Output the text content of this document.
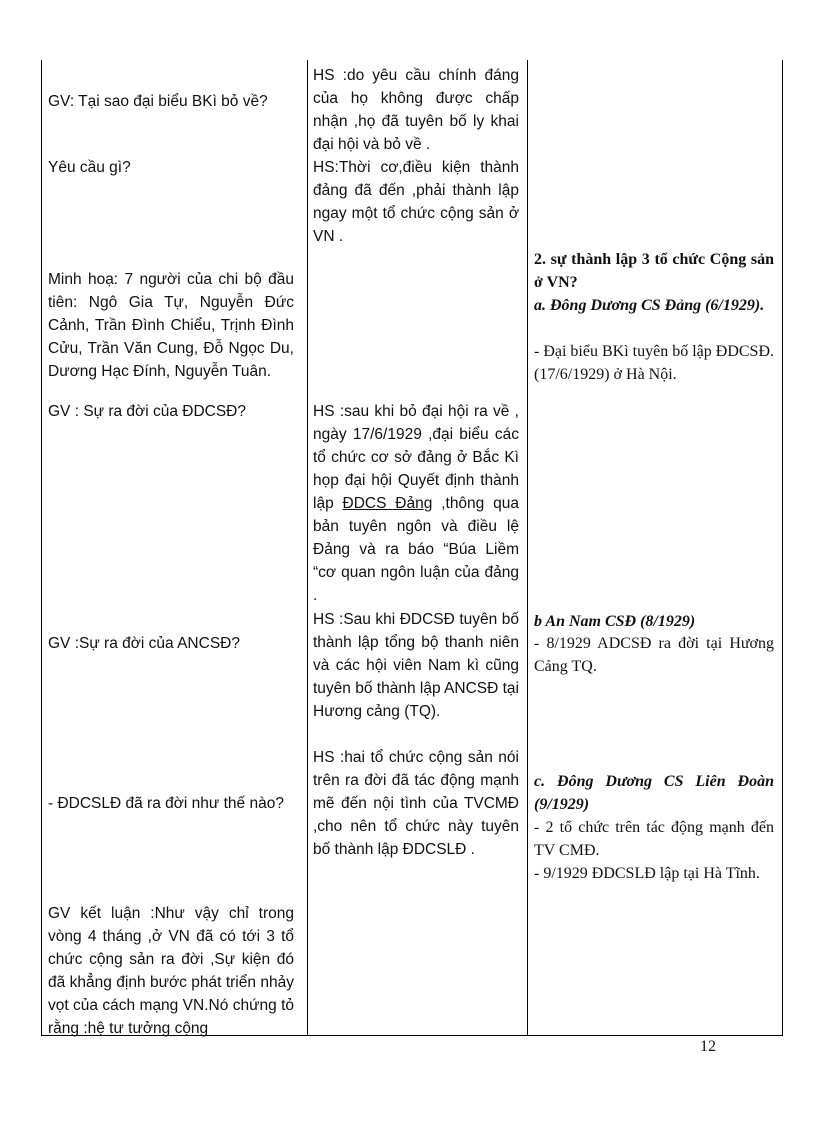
GV: Tại sao đại biểu BKì bỏ về?

Yêu cầu gì?

Minh hoạ: 7 người của chi bộ đầu tiên: Ngô Gia Tự, Nguyễn Đức Cảnh, Trần Đình Chiểu, Trịnh Đình Cửu, Trần Văn Cung, Đỗ Ngọc Du, Dương Hạc Đính, Nguyễn Tuân.

GV : Sự ra đời của ĐDCSĐ?

GV :Sự ra đời của ANCSĐ?

- ĐDCSLĐ đã ra đời như thế nào?

GV kết luận :Như vậy chỉ trong vòng 4 tháng ,ở VN đã có tới 3 tổ chức cộng sản ra đời ,Sự kiện đó đã khẳng định bước phát triển nhảy vọt của cách mạng VN.Nó chứng tỏ rằng :hệ tư tưởng cộng

HS :do yêu cầu chính đáng của họ không được chấp nhận ,họ đã tuyên bố ly khai đại hội và bỏ về .

HS:Thời cơ,điều kiện thành đảng đã đến ,phải thành lập ngay một tổ chức cộng sản ở VN .

HS :sau khi bỏ đại hội ra về , ngày 17/6/1929 ,đại biểu các tổ chức cơ sở đảng ở Bắc Kì họp đại hội Quyết định thành lập ĐDCS Đảng ,thông qua bản tuyên ngôn và điều lệ Đảng và ra báo “Búa Liềm “cơ quan ngôn luận của đảng .

HS :Sau khi ĐDCSĐ tuyên bố thành lập tổng bộ thanh niên và các hội viên Nam kì cũng tuyên bố thành lập ANCSĐ tại Hương cảng (TQ).

HS :hai tổ chức cộng sản nói trên ra đời đã tác động mạnh mẽ đến nội tình của TVCMĐ ,cho nên tổ chức này tuyên bố thành lập ĐDCSLĐ .

2. sự thành lập 3 tổ chức Cộng sản ở VN?

a. Đông Dương CS Đảng (6/1929).

- Đại biểu BKì tuyên bố lập ĐDCSĐ. (17/6/1929) ở Hà Nội.

b An Nam CSĐ (8/1929)

- 8/1929 ADCSĐ ra đời tại Hương Cảng TQ.

c. Đông Dương CS Liên Đoàn (9/1929)

- 2 tổ chức trên tác động mạnh đến TV CMĐ.

- 9/1929 ĐDCSLĐ lập tại Hà Tĩnh.

12
